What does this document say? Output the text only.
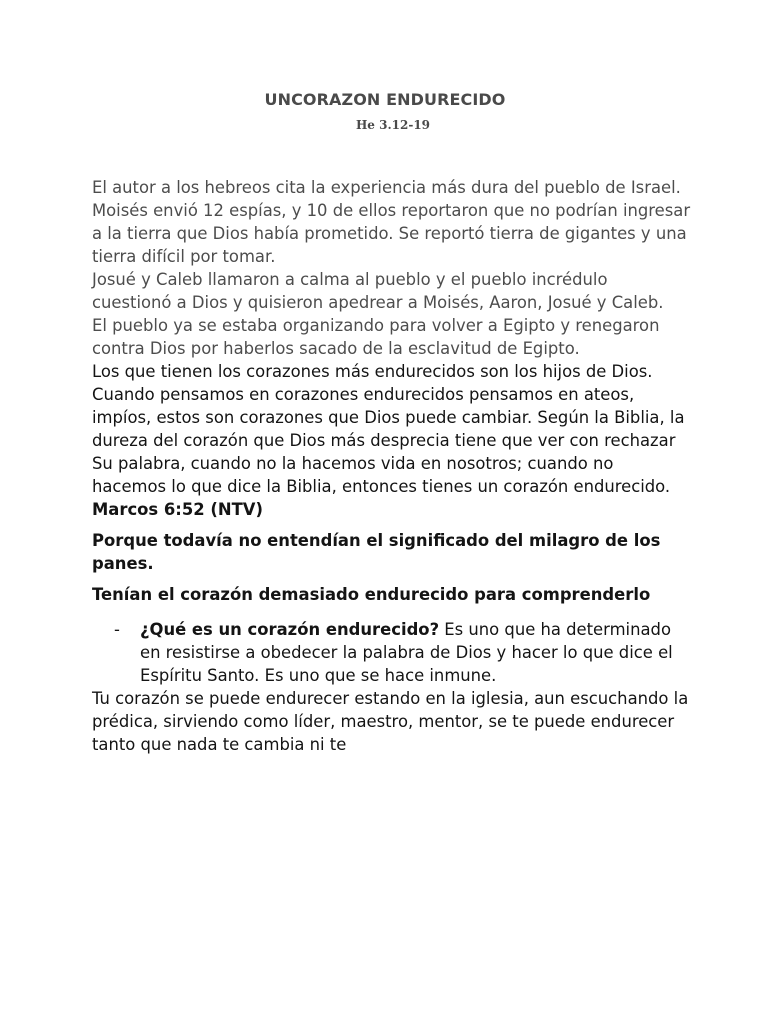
UNCORAZON ENDURECIDO
He 3.12-19

El autor a los hebreos cita la experiencia más dura del pueblo de Israel.

Moisés envió 12 espías, y 10 de ellos reportaron que no podrían ingresar a la tierra que Dios había prometido. Se reportó tierra de gigantes y una tierra difícil por tomar.

Josué y Caleb llamaron a calma al pueblo y el pueblo incrédulo cuestionó a Dios y quisieron apedrear a Moisés, Aaron, Josué y Caleb.

El pueblo ya se estaba organizando para volver a Egipto y renegaron contra Dios por haberlos sacado de la esclavitud de Egipto.

Los que tienen los corazones más endurecidos son los hijos de Dios. Cuando pensamos en corazones endurecidos pensamos en ateos, impíos, estos son corazones que Dios puede cambiar. Según la Biblia, la dureza del corazón que Dios más desprecia tiene que ver con rechazar Su palabra, cuando no la hacemos vida en nosotros; cuando no hacemos lo que dice la Biblia, entonces tienes un corazón endurecido.

Marcos 6:52 (NTV)

Porque todavía no entendían el significado del milagro de los panes.

Tenían el corazón demasiado endurecido para comprenderlo

-	¿Qué es un corazón endurecido? Es uno que ha determinado en resistirse a obedecer la palabra de Dios y hacer lo que dice el Espíritu Santo. Es uno que se hace inmune.

Tu corazón se puede endurecer estando en la iglesia, aun escuchando la prédica, sirviendo como líder, maestro, mentor, se te puede endurecer tanto que nada te cambia ni te
